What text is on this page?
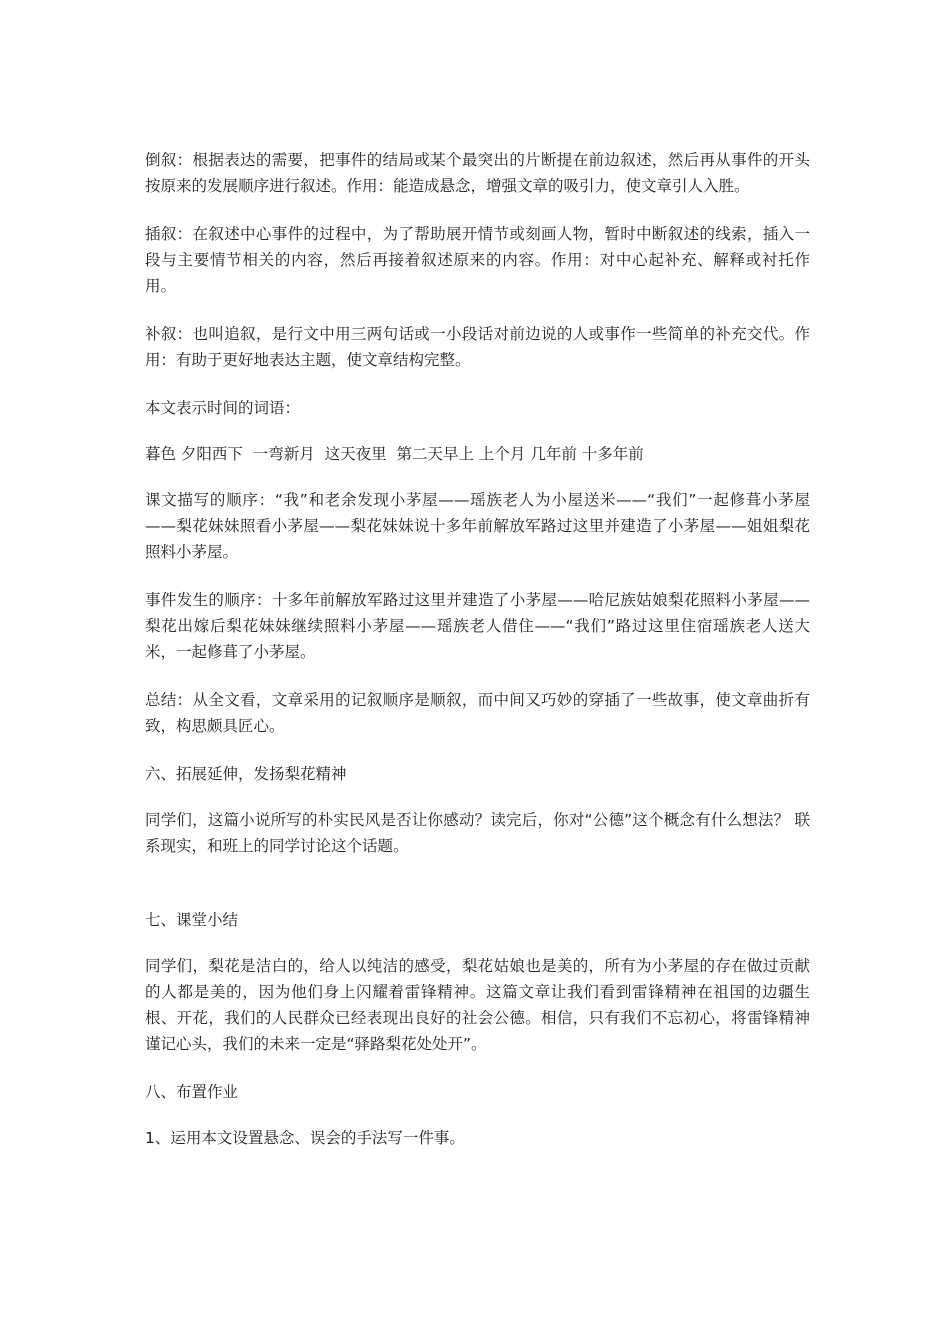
倒叙：根据表达的需要，把事件的结局或某个最突出的片断提在前边叙述，然后再从事件的开头按原来的发展顺序进行叙述。作用：能造成悬念，增强文章的吸引力，使文章引人入胜。

插叙：在叙述中心事件的过程中，为了帮助展开情节或刻画人物，暂时中断叙述的线索，插入一段与主要情节相关的内容，然后再接着叙述原来的内容。作用：对中心起补充、解释或衬托作用。

补叙：也叫追叙，是行文中用三两句话或一小段话对前边说的人或事作一些简单的补充交代。作用：有助于更好地表达主题，使文章结构完整。

本文表示时间的词语：

暮色 夕阳西下  一弯新月  这天夜里  第二天早上 上个月 几年前 十多年前

课文描写的顺序：“我”和老余发现小茅屋——瑶族老人为小屋送米——“我们”一起修葺小茅屋——梨花妹妹照看小茅屋——梨花妹妹说十多年前解放军路过这里并建造了小茅屋——姐姐梨花照料小茅屋。

事件发生的顺序：十多年前解放军路过这里并建造了小茅屋——哈尼族姑娘梨花照料小茅屋——梨花出嫁后梨花妹妹继续照料小茅屋——瑶族老人借住——“我们”路过这里住宿瑶族老人送大米，一起修葺了小茅屋。

总结：从全文看，文章采用的记叙顺序是顺叙，而中间又巧妙的穿插了一些故事，使文章曲折有致，构思颇具匠心。

六、拓展延伸，发扬梨花精神

同学们，这篇小说所写的朴实民风是否让你感动？读完后，你对“公德”这个概念有什么想法？ 联系现实，和班上的同学讨论这个话题。

七、课堂小结

同学们，梨花是洁白的，给人以纯洁的感受，梨花姑娘也是美的，所有为小茅屋的存在做过贡献的人都是美的，因为他们身上闪耀着雷锋精神。这篇文章让我们看到雷锋精神在祖国的边疆生根、开花，我们的人民群众已经表现出良好的社会公德。相信，只有我们不忘初心，将雷锋精神谨记心头，我们的未来一定是“驿路梨花处处开”。

八、布置作业

1、运用本文设置悬念、误会的手法写一件事。
